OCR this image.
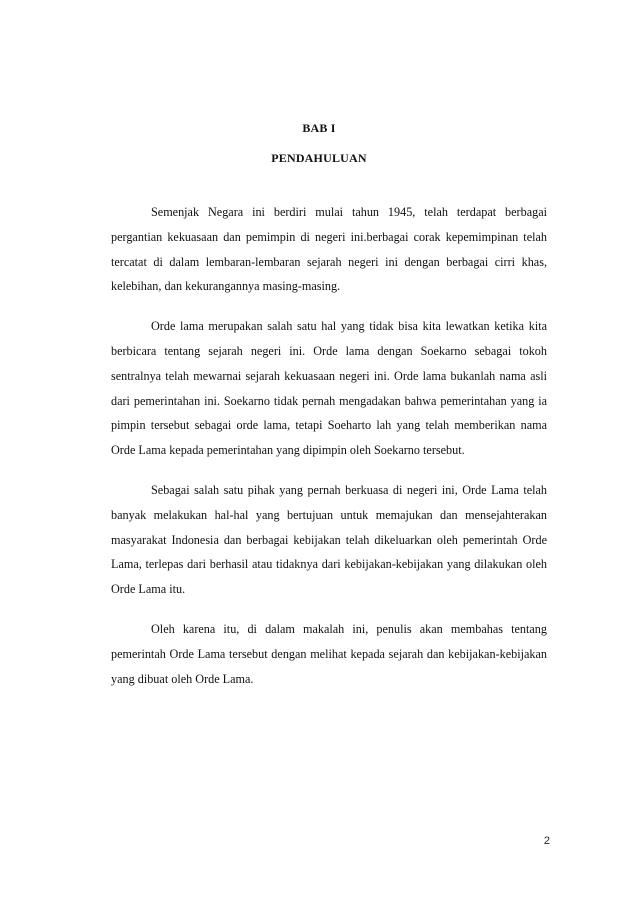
BAB I
PENDAHULUAN

Semenjak Negara ini berdiri mulai tahun 1945, telah terdapat berbagai pergantian kekuasaan dan pemimpin di negeri ini.berbagai corak kepemimpinan telah tercatat di dalam lembaran-lembaran sejarah negeri ini dengan berbagai cirri khas, kelebihan, dan kekurangannya masing-masing.

Orde lama merupakan salah satu hal yang tidak bisa kita lewatkan ketika kita berbicara tentang sejarah negeri ini. Orde lama dengan Soekarno sebagai tokoh sentralnya telah mewarnai sejarah kekuasaan negeri ini. Orde lama bukanlah nama asli dari pemerintahan ini. Soekarno tidak pernah mengadakan bahwa pemerintahan yang ia pimpin tersebut sebagai orde lama, tetapi Soeharto lah yang telah memberikan nama Orde Lama kepada pemerintahan yang dipimpin oleh Soekarno tersebut.

Sebagai salah satu pihak yang pernah berkuasa di negeri ini, Orde Lama telah banyak melakukan hal-hal yang bertujuan untuk memajukan dan mensejahterakan masyarakat Indonesia dan berbagai kebijakan telah dikeluarkan oleh pemerintah Orde Lama, terlepas dari berhasil atau tidaknya dari kebijakan-kebijakan yang dilakukan oleh Orde Lama itu.

Oleh karena itu, di dalam makalah ini, penulis akan membahas tentang pemerintah Orde Lama tersebut dengan melihat kepada sejarah dan kebijakan-kebijakan yang dibuat oleh Orde Lama.

2
